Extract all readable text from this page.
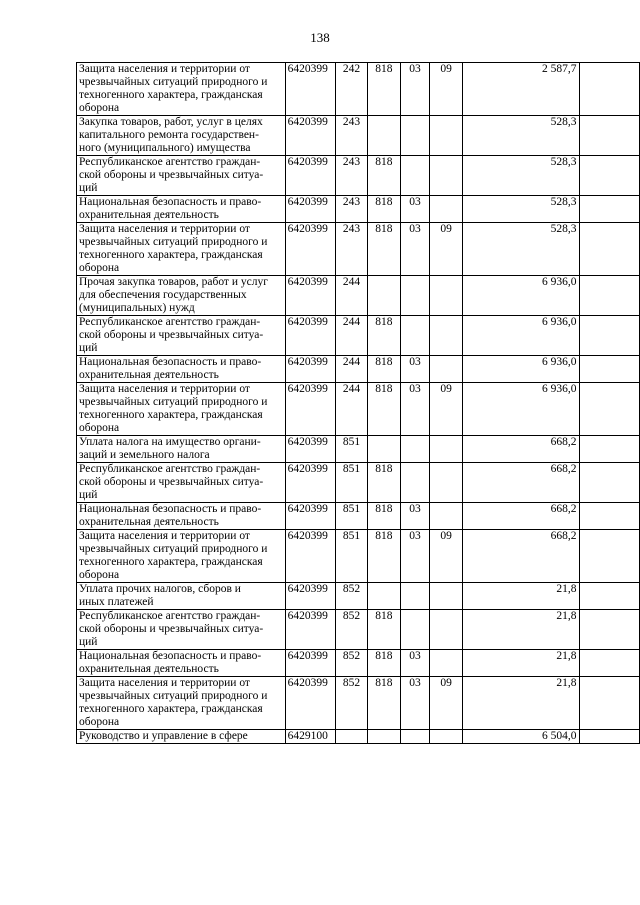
138
Защита населения и территории от
чрезвычайных ситуаций природного и
техногенного характера, гражданская
оборона	6420399	242	818	03	09	2 587,7	
Закупка товаров, работ, услуг в целях
капитального ремонта государствен-
ного (муниципального) имущества	6420399	243				528,3	
Республиканское агентство граждан-
ской обороны и чрезвычайных ситуа-
ций	6420399	243	818			528,3	
Национальная безопасность и право-
охранительная деятельность	6420399	243	818	03		528,3	
Защита населения и территории от
чрезвычайных ситуаций природного и
техногенного характера, гражданская
оборона	6420399	243	818	03	09	528,3	
Прочая закупка товаров, работ и услуг
для обеспечения государственных
(муниципальных) нужд	6420399	244				6 936,0	
Республиканское агентство граждан-
ской обороны и чрезвычайных ситуа-
ций	6420399	244	818			6 936,0	
Национальная безопасность и право-
охранительная деятельность	6420399	244	818	03		6 936,0	
Защита населения и территории от
чрезвычайных ситуаций природного и
техногенного характера, гражданская
оборона	6420399	244	818	03	09	6 936,0	
Уплата налога на имущество органи-
заций и земельного налога	6420399	851				668,2	
Республиканское агентство граждан-
ской обороны и чрезвычайных ситуа-
ций	6420399	851	818			668,2	
Национальная безопасность и право-
охранительная деятельность	6420399	851	818	03		668,2	
Защита населения и территории от
чрезвычайных ситуаций природного и
техногенного характера, гражданская
оборона	6420399	851	818	03	09	668,2	
Уплата прочих налогов, сборов и
иных платежей	6420399	852				21,8	
Республиканское агентство граждан-
ской обороны и чрезвычайных ситуа-
ций	6420399	852	818			21,8	
Национальная безопасность и право-
охранительная деятельность	6420399	852	818	03		21,8	
Защита населения и территории от
чрезвычайных ситуаций природного и
техногенного характера, гражданская
оборона	6420399	852	818	03	09	21,8	
Руководство и управление в сфере	6429100					6 504,0	
